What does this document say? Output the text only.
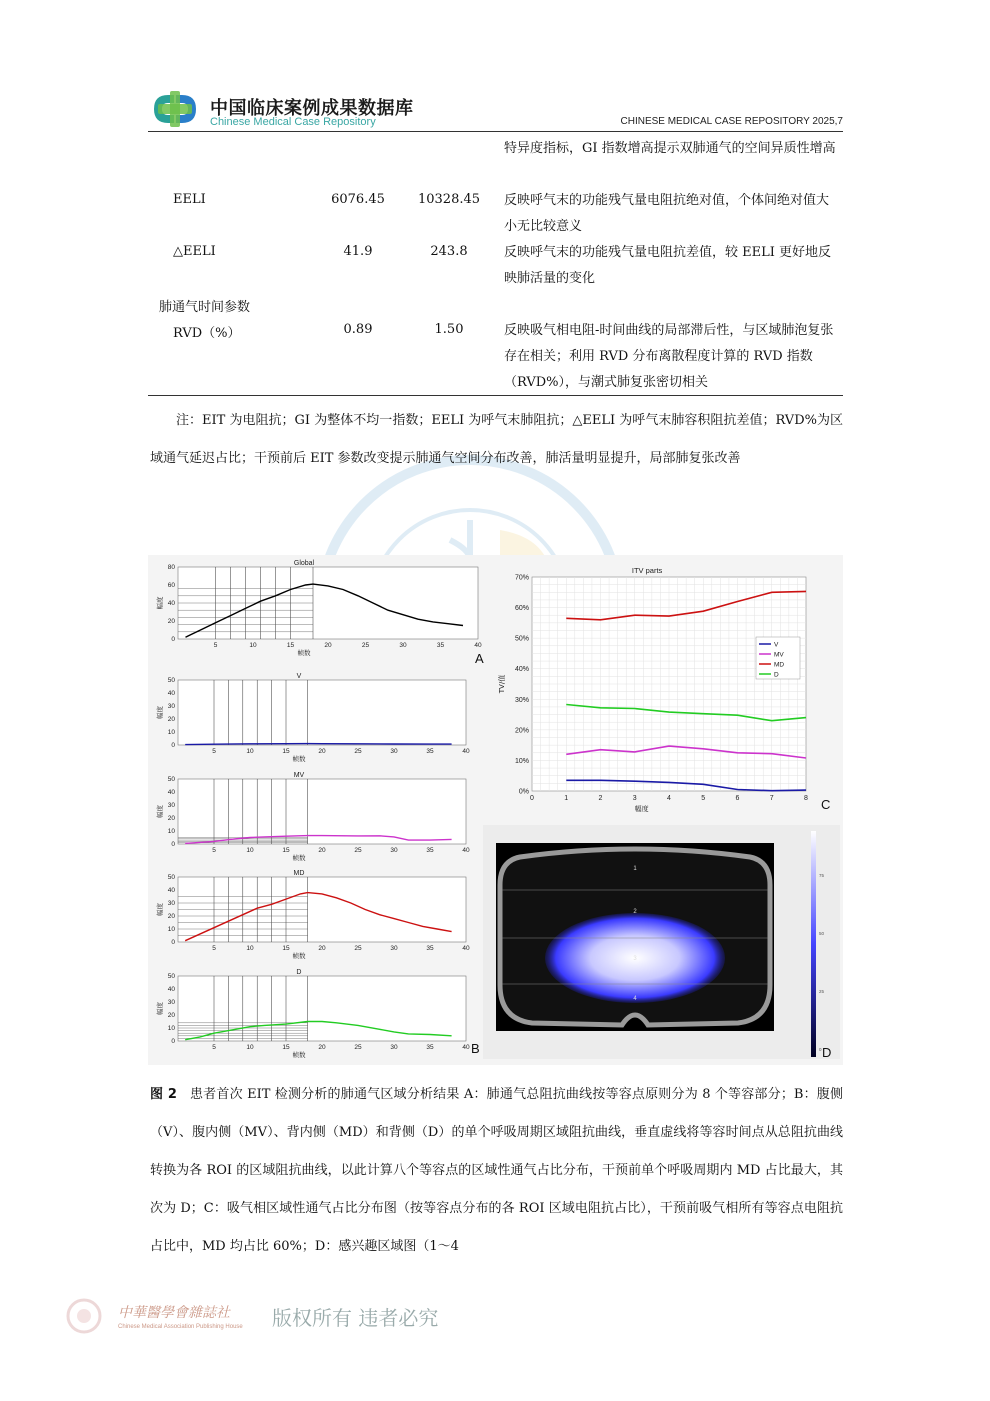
中国临床案例成果数据库
Chinese Medical Case Repository	CHINESE MEDICAL CASE REPOSITORY 2025,7
特异度指标，GI 指数增高提示双肺通气的空间异质性增高
EELI	6076.45	10328.45	反映呼气末的功能残气量电阻抗绝对值，个体间绝对值大小无比较意义
△EELI	41.9	243.8	反映呼气末的功能残气量电阻抗差值，较 EELI 更好地反映肺活量的变化
肺通气时间参数
RVD（%）	0.89	1.50	反映吸气相电阻-时间曲线的局部滞后性，与区域肺泡复张存在相关；利用 RVD 分布离散程度计算的 RVD 指数（RVD%），与潮式肺复张密切相关
注：EIT 为电阻抗；GI 为整体不均一指数；EELI 为呼气末肺阻抗；△EELI 为呼气末肺容积阻抗差值；RVD%为区域通气延迟占比；干预前后 EIT 参数改变提示肺通气空间分布改善，肺活量明显提升，局部肺复张改善
Global
5	10	15	20	25	30	35	40
0
20
40
60
80
帧数
幅度
A
V
5	10	15	20	25	30	35	40
0
10
20
30
40
50
帧数
幅度
MV
5	10	15	20	25	30	35	40
0
10
20
30
40
50
帧数
幅度
MD
5	10	15	20	25	30	35	40
0
10
20
30
40
50
帧数
幅度
D
5	10	15	20	25	30	35	40
0
10
20
30
40
50
帧数
幅度
B
ITV parts
0	1	2	3	4	5	6	7	8
0%
10%
20%
30%
40%
50%
60%
70%
幅度
TV/值
V
MV
MD
D
C
1
2
3
4
75
50
25
0 D
图 2 患者首次 EIT 检测分析的肺通气区域分析结果 A：肺通气总阻抗曲线按等容点原则分为 8 个等容部分；B：腹侧（V）、腹内侧（MV）、背内侧（MD）和背侧（D）的单个呼吸周期区域阻抗曲线，垂直虚线将等容时间点从总阻抗曲线转换为各 ROI 的区域阻抗曲线，以此计算八个等容点的区域性通气占比分布，干预前单个呼吸周期内 MD 占比最大，其次为 D；C：吸气相区域性通气占比分布图（按等容点分布的各 ROI 区域电阻抗占比），干预前吸气相所有等容点电阻抗占比中，MD 均占比 60%；D：感兴趣区域图（1～4
中華醫學會雜誌社
Chinese Medical Association Publishing House 版权所有 违者必究
